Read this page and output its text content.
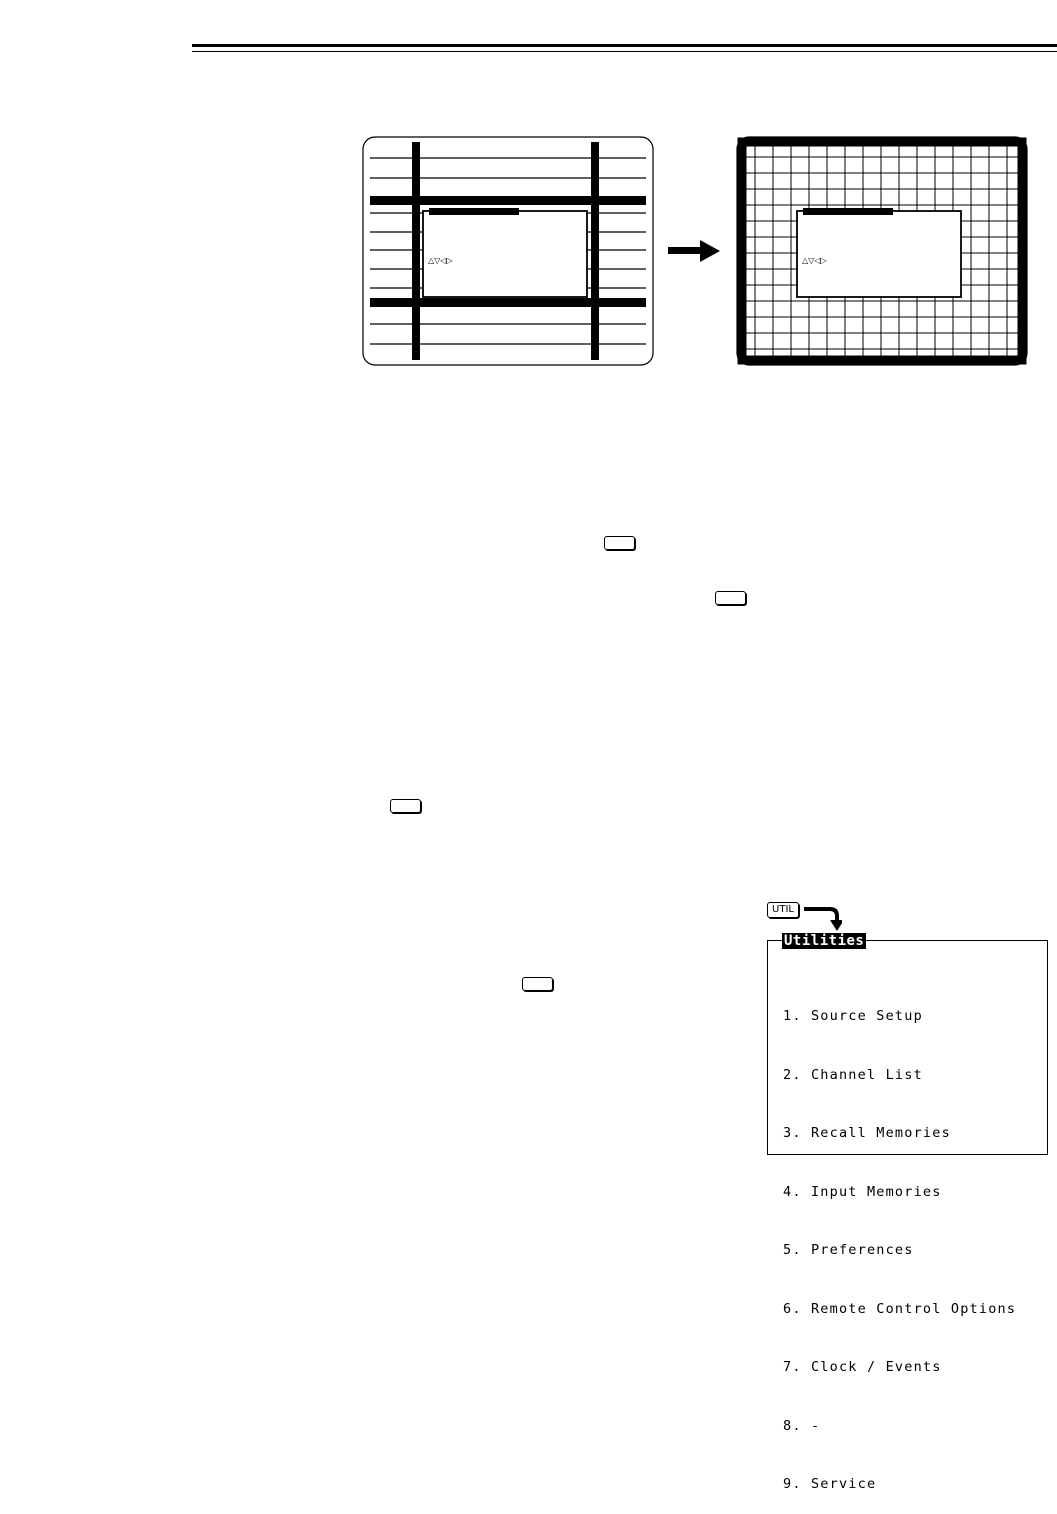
△▽◁▷	△▽◁▷
UTIL
Utilities

1. Source Setup

2. Channel List

3. Recall Memories

4. Input Memories

5. Preferences

6. Remote Control Options

7. Clock / Events

8. -

9. Service
